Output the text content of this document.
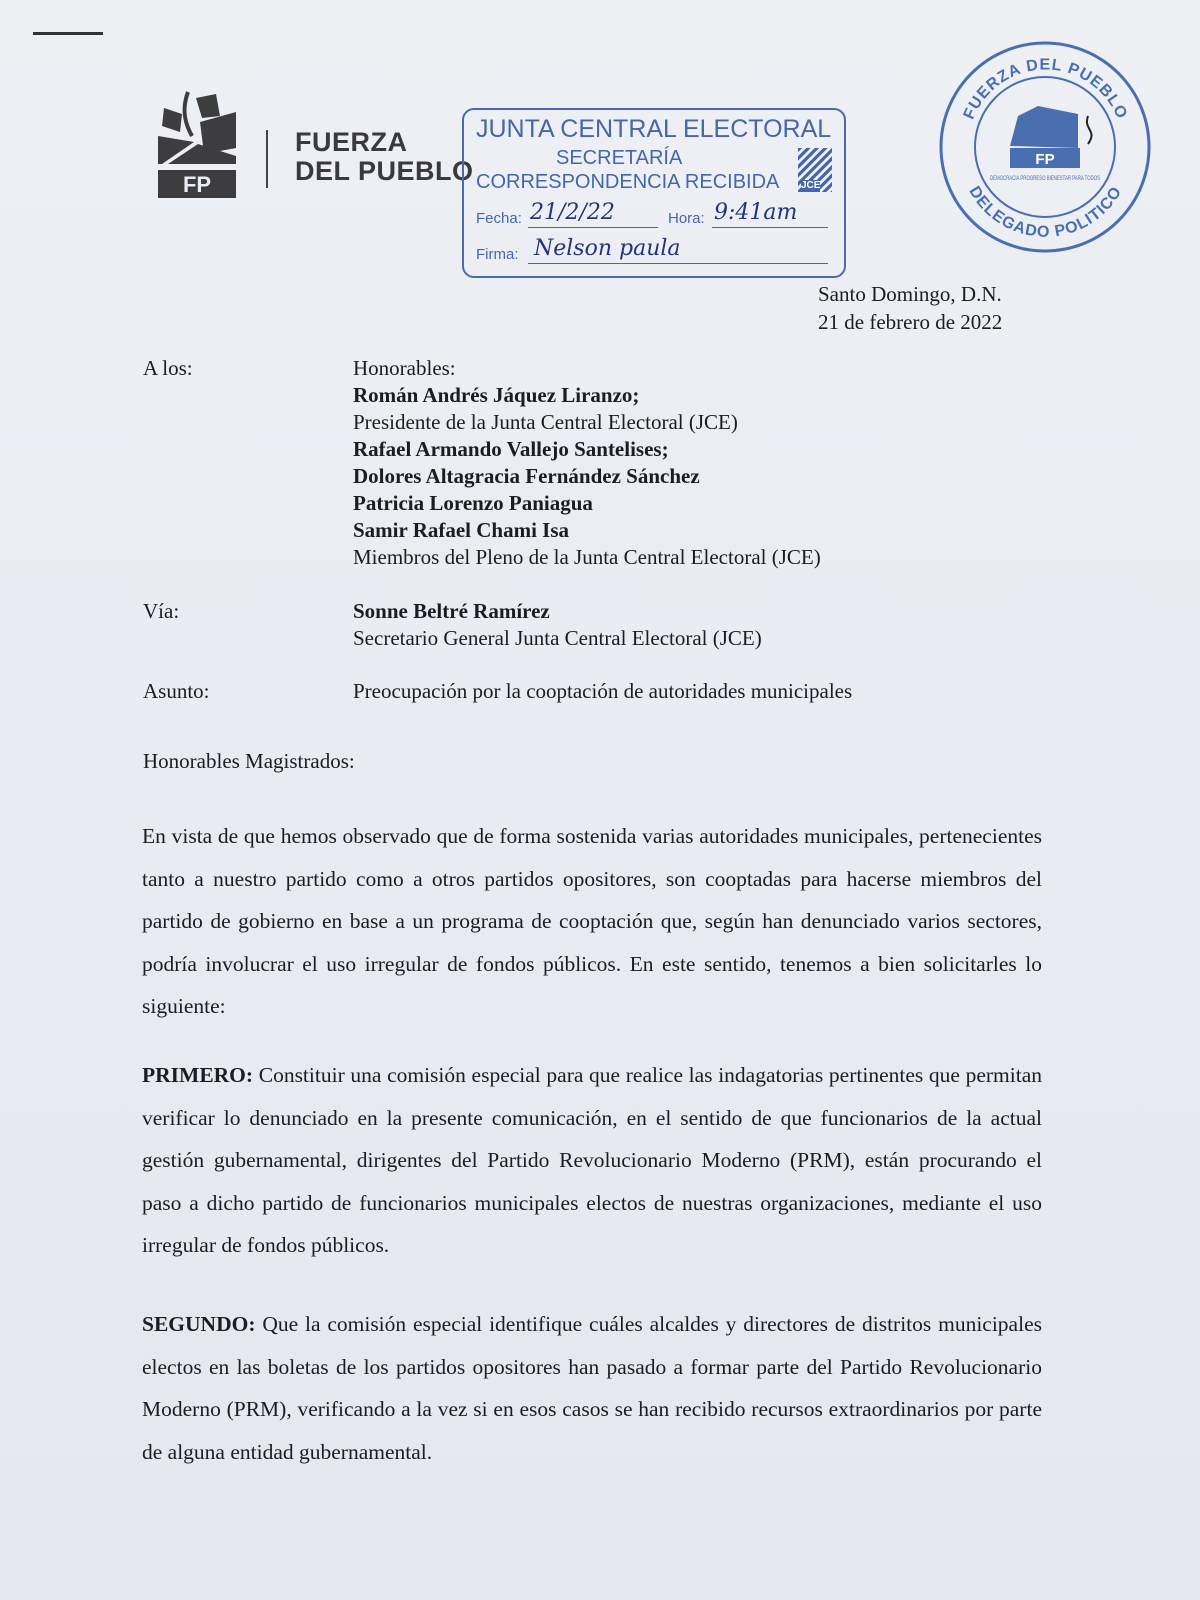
FP
FUERZA
DEL PUEBLO
JUNTA CENTRAL ELECTORAL
SECRETARÍA
CORRESPONDENCIA RECIBIDA JCE
Fecha: 21/2/22	Hora: 9:41am
Firma: Nelson paula
FUERZA DEL PUEBLO
DELEGADO POLITICO
FP
DEMOCRACIA PROGRESO BIENESTAR PARA TODOS
Santo Domingo, D.N.
21 de febrero de 2022
A los:	Honorables:
Román Andrés Jáquez Liranzo;
Presidente de la Junta Central Electoral (JCE)
Rafael Armando Vallejo Santelises;
Dolores Altagracia Fernández Sánchez
Patricia Lorenzo Paniagua
Samir Rafael Chami Isa
Miembros del Pleno de la Junta Central Electoral (JCE)
Vía:	Sonne Beltré Ramírez
Secretario General Junta Central Electoral (JCE)
Asunto:	Preocupación por la cooptación de autoridades municipales
Honorables Magistrados:
En vista de que hemos observado que de forma sostenida varias autoridades municipales, pertenecientes tanto a nuestro partido como a otros partidos opositores, son cooptadas para hacerse miembros del partido de gobierno en base a un programa de cooptación que, según han denunciado varios sectores, podría involucrar el uso irregular de fondos públicos. En este sentido, tenemos a bien solicitarles lo siguiente:
PRIMERO: Constituir una comisión especial para que realice las indagatorias pertinentes que permitan verificar lo denunciado en la presente comunicación, en el sentido de que funcionarios de la actual gestión gubernamental, dirigentes del Partido Revolucionario Moderno (PRM), están procurando el paso a dicho partido de funcionarios municipales electos de nuestras organizaciones, mediante el uso irregular de fondos públicos.
SEGUNDO: Que la comisión especial identifique cuáles alcaldes y directores de distritos municipales electos en las boletas de los partidos opositores han pasado a formar parte del Partido Revolucionario Moderno (PRM), verificando a la vez si en esos casos se han recibido recursos extraordinarios por parte de alguna entidad gubernamental.
